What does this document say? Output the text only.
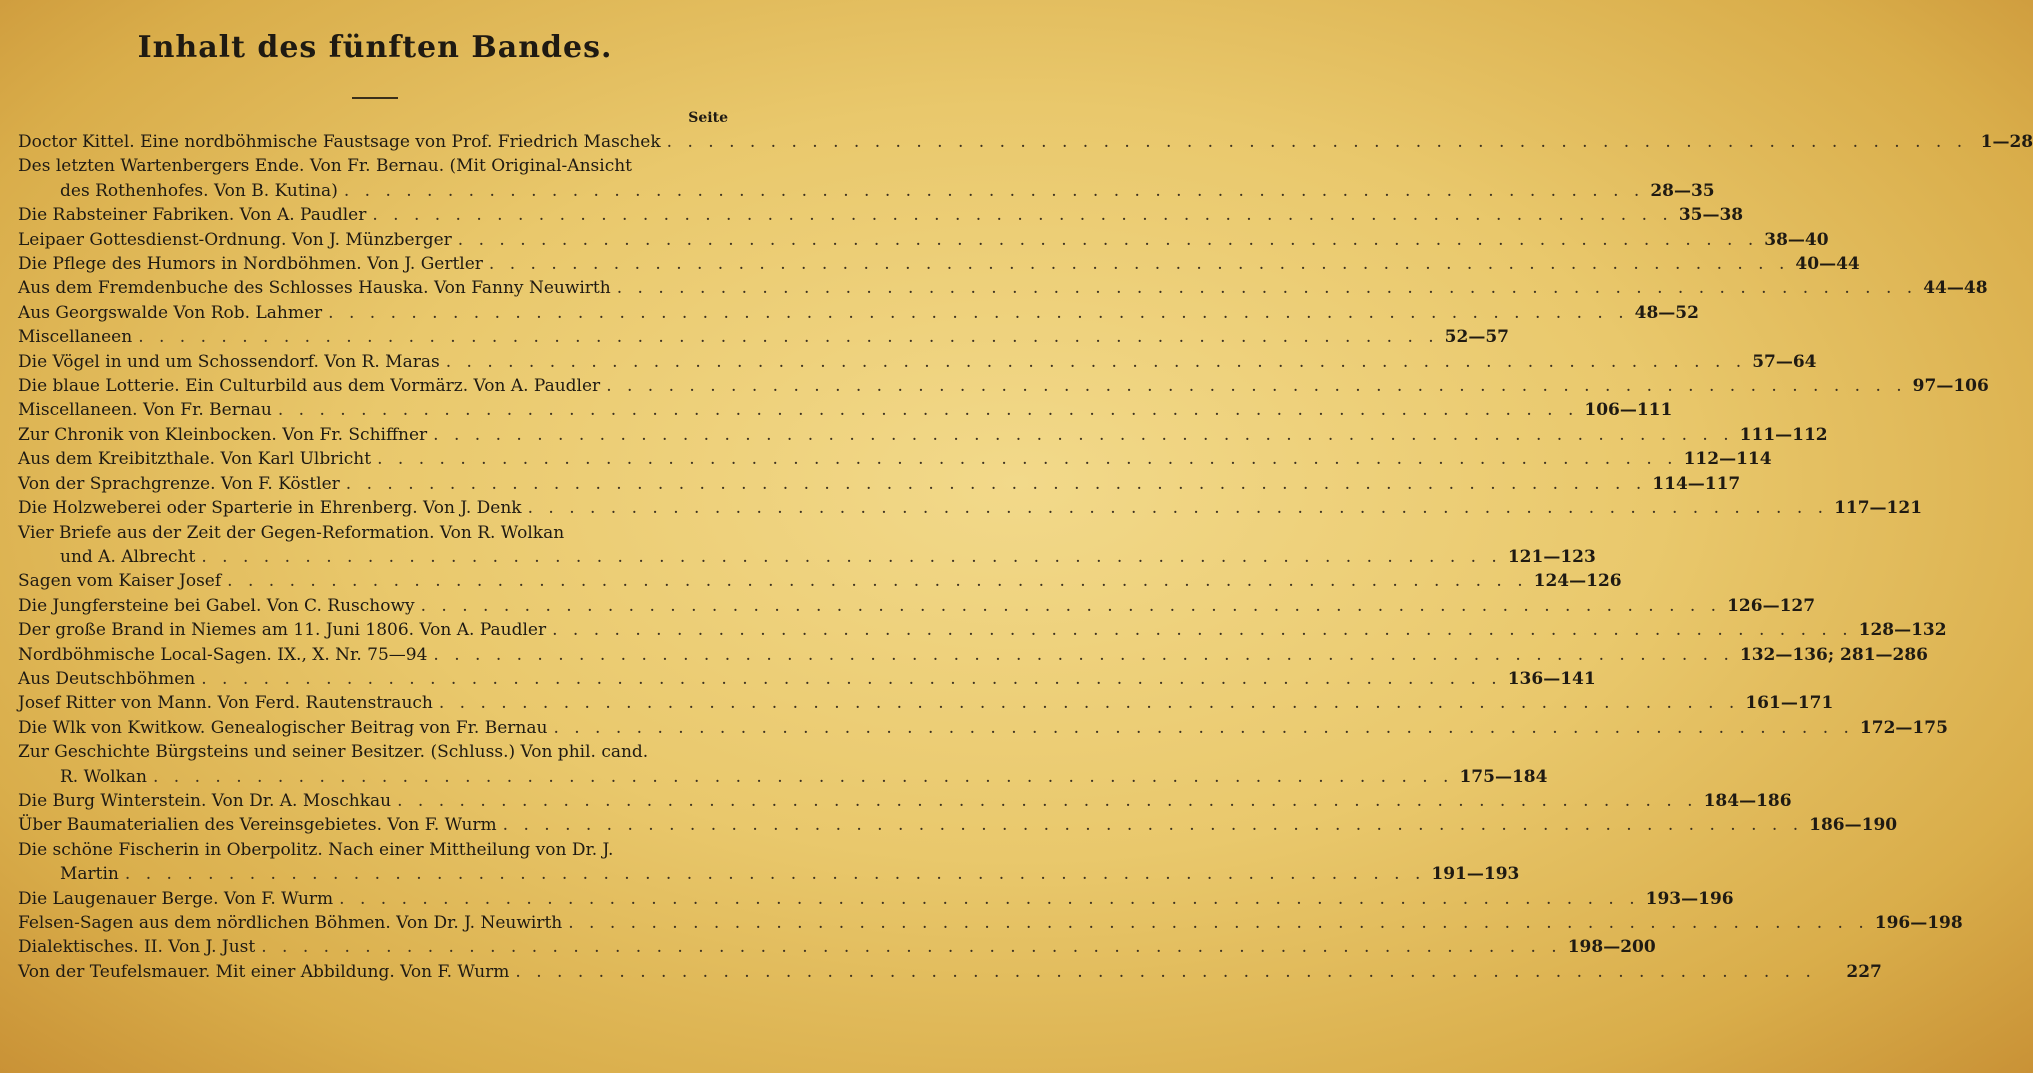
Inhalt des fünften Bandes.
Seite
Doctor Kittel. Eine nordböhmische Faustsage von Prof. Friedrich Maschek . . .	1—28
Des letzten Wartenbergers Ende. Von Fr. Bernau. (Mit Original-Ansicht
des Rothenhofes. Von B. Kutina) . . .	28—35
Die Rabsteiner Fabriken. Von A. Paudler . . .	35—38
Leipaer Gottesdienst-Ordnung. Von J. Münzberger . . .	38—40
Die Pflege des Humors in Nordböhmen. Von J. Gertler . . .	40—44
Aus dem Fremdenbuche des Schlosses Hauska. Von Fanny Neuwirth . . .	44—48
Aus Georgswalde Von Rob. Lahmer . . .	48—52
Miscellaneen . . .	52—57
Die Vögel in und um Schossendorf. Von R. Maras . . .	57—64
Die blaue Lotterie. Ein Culturbild aus dem Vormärz. Von A. Paudler . . .	97—106
Miscellaneen. Von Fr. Bernau . . .	106—111
Zur Chronik von Kleinbocken. Von Fr. Schiffner . . .	111—112
Aus dem Kreibitzthale. Von Karl Ulbricht . . .	112—114
Von der Sprachgrenze. Von F. Köstler . . .	114—117
Die Holzweberei oder Sparterie in Ehrenberg. Von J. Denk . . .	117—121
Vier Briefe aus der Zeit der Gegen-Reformation. Von R. Wolkan
und A. Albrecht . . .	121—123
Sagen vom Kaiser Josef . . .	124—126
Die Jungfersteine bei Gabel. Von C. Ruschowy . . .	126—127
Der große Brand in Niemes am 11. Juni 1806. Von A. Paudler . . .	128—132
Nordböhmische Local-Sagen. IX., X. Nr. 75—94 . . .	132—136; 281—286
Aus Deutschböhmen . . .	136—141
Josef Ritter von Mann. Von Ferd. Rautenstrauch . . .	161—171
Die Wlk von Kwitkow. Genealogischer Beitrag von Fr. Bernau . . .	172—175
Zur Geschichte Bürgsteins und seiner Besitzer. (Schluss.) Von phil. cand.
R. Wolkan . . .	175—184
Die Burg Winterstein. Von Dr. A. Moschkau . . .	184—186
Über Baumaterialien des Vereinsgebietes. Von F. Wurm . . .	186—190
Die schöne Fischerin in Oberpolitz. Nach einer Mittheilung von Dr. J.
Martin . . .	191—193
Die Laugenauer Berge. Von F. Wurm . . .	193—196
Felsen-Sagen aus dem nördlichen Böhmen. Von Dr. J. Neuwirth . . .	196—198
Dialektisches. II. Von J. Just . . .	198—200
Von der Teufelsmauer. Mit einer Abbildung. Von F. Wurm . . .	227
